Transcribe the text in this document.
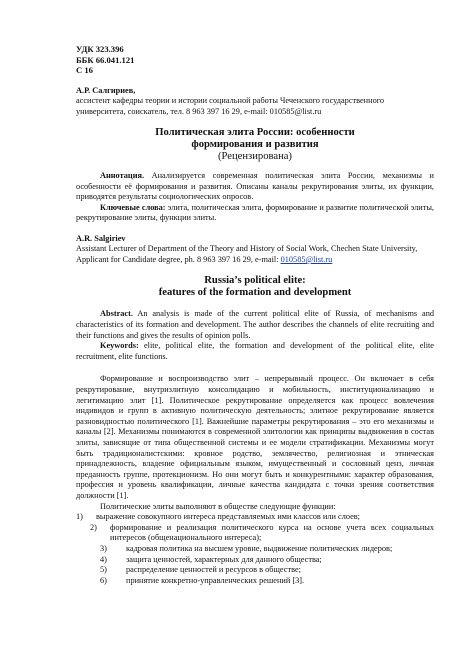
УДК 323.396
ББК 66.041.121
С 16
А.Р. Салгириев,
ассистент кафедры теории и истории социальной работы Чеченского государственного университета, соискатель, тел. 8 963 397 16 29, e-mail: 010585@list.ru
Политическая элита России: особенности
формирования и развития
(Рецензирована)
Аннотация. Анализируется современная политическая элита России, механизмы и особенности её формирования и развития. Описаны каналы рекрутирования элиты, их функции, приводятся результаты социологических опросов.
Ключевые слова: элита, политическая элита, формирование и развитие политической элиты, рекрутирование элиты, функции элиты.
A.R. Salgiriev
Assistant Lecturer of Department of the Theory and History of Social Work, Chechen State University, Applicant for Candidate degree, ph. 8 963 397 16 29, e-mail: 010585@list.ru
Russia’s political elite:
features of the formation and development
Abstract. An analysis is made of the current political elite of Russia, of mechanisms and characteristics of its formation and development. The author describes the channels of elite recruiting and their functions and gives the results of opinion polls.
Keywords: elite, political elite, the formation and development of the political elite, elite recruitment, elite functions.
Формирование и воспроизводство элит – непрерывный процесс. Он включает в себя рекрутирование, внутризлитную консолидацию и мобильность, институционализацию и легитимацию элит [1]. Политическое рекрутирование определяется как процесс вовлечения индивидов и групп в активную политическую деятельность; элитное рекрутирование является разновидностью политического [1]. Важнейшие параметры рекрутирования – это его механизмы и каналы [2]. Механизмы понимаются в современной элитологии как принципы выдвижения в состав элиты, зависящие от типа общественной системы и ее модели стратификации. Механизмы могут быть традиционалистскими: кровное родство, землячество, религиозная и этническая принадлежность, владение официальным языком, имущественный и сословный ценз, личная преданность группе, протекционизм. Но они могут быть и конкурентными: характер образования, профессия и уровень квалификации, личные качества кандидата с точки зрения соответствия должности [1].
Политические элиты выполняют в обществе следующие функции:
1)	выражение совокупного интереса представляемых ими классов или слоев;
2)	формирование и реализация политического курса на основе учета всех социальных интересов (общенационального интереса);
3)	кадровая политика на высшем уровне, выдвижение политических лидеров;
4)	защита ценностей, характерных для данного общества;
5)	распределение ценностей и ресурсов в обществе;
6)	принятие конкретно-управленческих решений [3].
